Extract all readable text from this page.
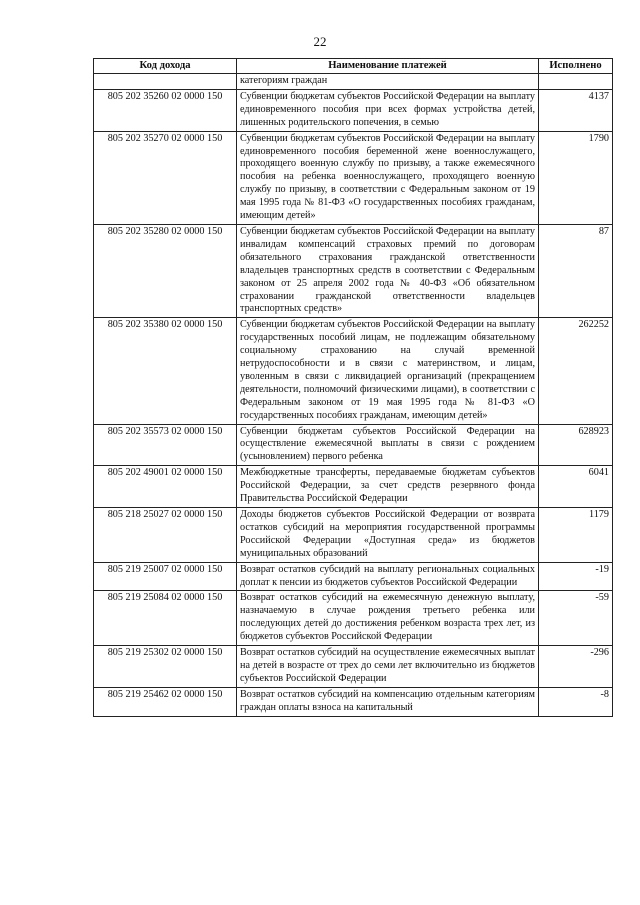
22
Код дохода	Наименование платежей	Исполнено
	категориям граждан	
805 202 35260 02 0000 150	Субвенции бюджетам субъектов Российской Федерации на выплату единовременного пособия при всех формах устройства детей, лишенных родительского попечения, в семью	4137
805 202 35270 02 0000 150	Субвенции бюджетам субъектов Российской Федерации на выплату единовременного пособия беременной жене военнослужащего, проходящего военную службу по призыву, а также ежемесячного пособия на ребенка военнослужащего, проходящего военную службу по призыву, в соответствии с Федеральным законом от 19 мая 1995 года № 81-ФЗ «О государственных пособиях гражданам, имеющим детей»	1790
805 202 35280 02 0000 150	Субвенции бюджетам субъектов Российской Федерации на выплату инвалидам компенсаций страховых премий по договорам обязательного страхования гражданской ответственности владельцев транспортных средств в соответствии с Федеральным законом от 25 апреля 2002 года № 40-ФЗ «Об обязательном страховании гражданской ответственности владельцев транспортных средств»	87
805 202 35380 02 0000 150	Субвенции бюджетам субъектов Российской Федерации на выплату государственных пособий лицам, не подлежащим обязательному социальному страхованию на случай временной нетрудоспособности и в связи с материнством, и лицам, уволенным в связи с ликвидацией организаций (прекращением деятельности, полномочий физическими лицами), в соответствии с Федеральным законом от 19 мая 1995 года № 81-ФЗ «О государственных пособиях гражданам, имеющим детей»	262252
805 202 35573 02 0000 150	Субвенции бюджетам субъектов Российской Федерации на осуществление ежемесячной выплаты в связи с рождением (усыновлением) первого ребенка	628923
805 202 49001 02 0000 150	Межбюджетные трансферты, передаваемые бюджетам субъектов Российской Федерации, за счет средств резервного фонда Правительства Российской Федерации	6041
805 218 25027 02 0000 150	Доходы бюджетов субъектов Российской Федерации от возврата остатков субсидий на мероприятия государственной программы Российской Федерации «Доступная среда» из бюджетов муниципальных образований	1179
805 219 25007 02 0000 150	Возврат остатков субсидий на выплату региональных социальных доплат к пенсии из бюджетов субъектов Российской Федерации	-19
805 219 25084 02 0000 150	Возврат остатков субсидий на ежемесячную денежную выплату, назначаемую в случае рождения третьего ребенка или последующих детей до достижения ребенком возраста трех лет, из бюджетов субъектов Российской Федерации	-59
805 219 25302 02 0000 150	Возврат остатков субсидий на осуществление ежемесячных выплат на детей в возрасте от трех до семи лет включительно из бюджетов субъектов Российской Федерации	-296
805 219 25462 02 0000 150	Возврат остатков субсидий на компенсацию отдельным категориям граждан оплаты взноса на капитальный	-8
